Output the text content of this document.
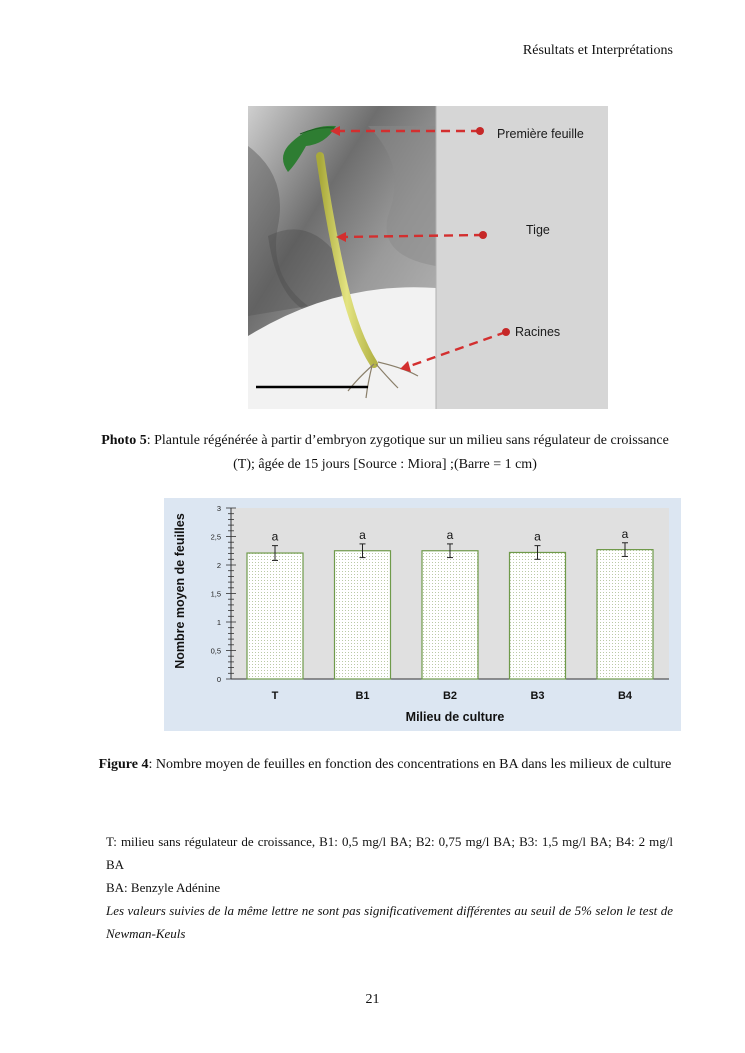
Résultats et Interprétations
Première feuille
Tige
Racines
Photo 5: Plantule régénérée à partir d’embryon zygotique sur un milieu sans régulateur de croissance (T); âgée de 15 jours [Source : Miora] ;(Barre = 1 cm)
Nombre moyen de feuilles
Milieu de culture
0
0,5
1
1,5
2
2,5
3
a
T
a
B1
a
B2
a
B3
a
B4
Figure 4: Nombre moyen de feuilles en fonction des concentrations en BA dans les milieux de culture

T: milieu sans régulateur de croissance, B1: 0,5 mg/l BA; B2: 0,75 mg/l BA; B3: 1,5 mg/l BA; B4: 2 mg/l BA

BA: Benzyle Adénine

Les valeurs suivies de la même lettre ne sont pas significativement différentes au seuil de 5% selon le test de Newman-Keuls

21
